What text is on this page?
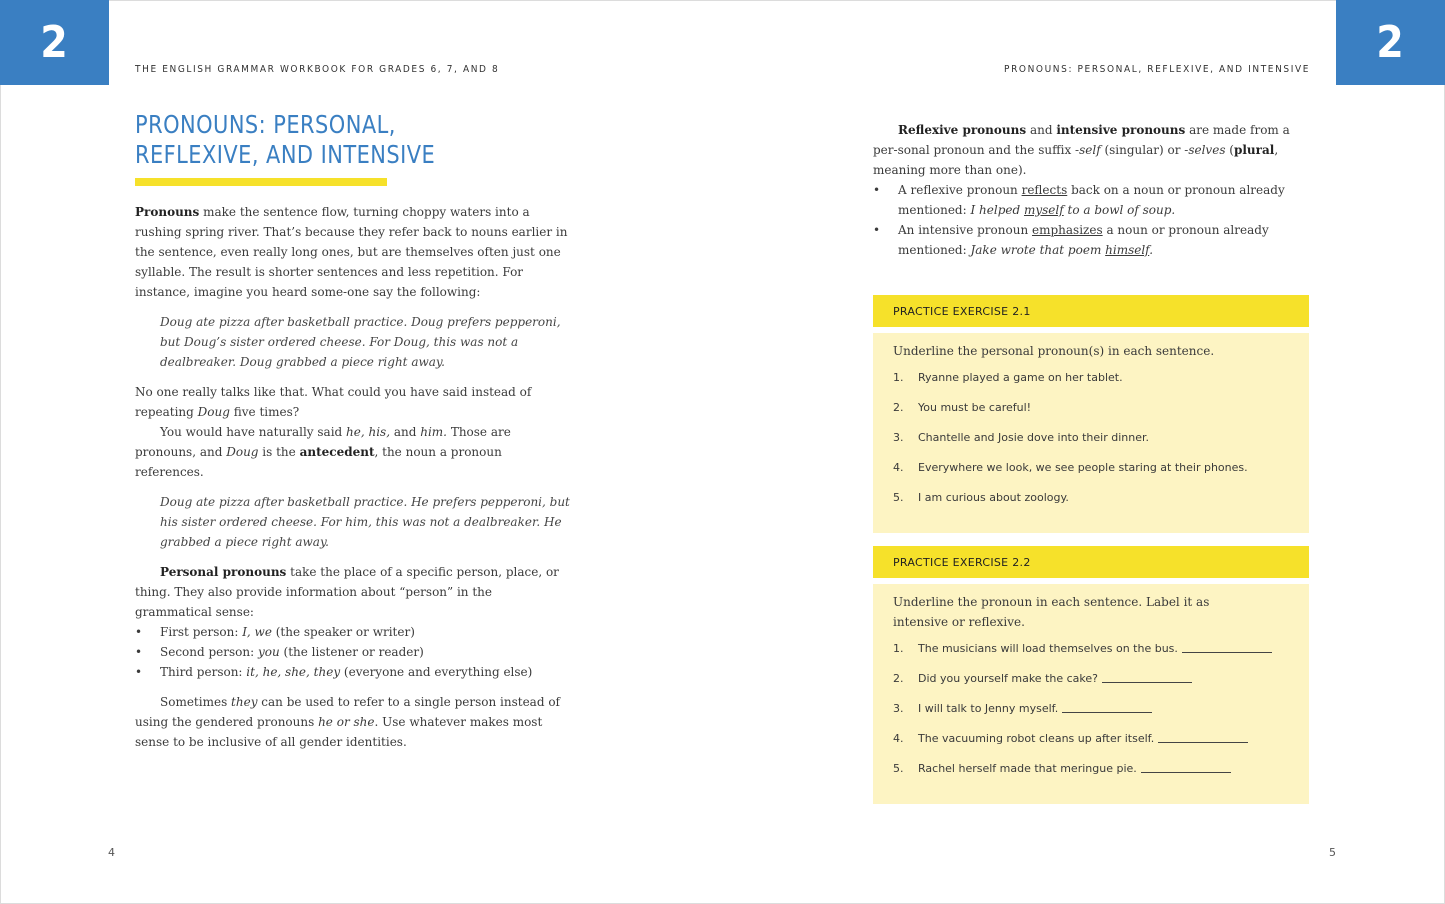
2	2
THE ENGLISH GRAMMAR WORKBOOK FOR GRADES 6, 7, AND 8	PRONOUNS: PERSONAL, REFLEXIVE, AND INTENSIVE
PRONOUNS: PERSONAL,
REFLEXIVE, AND INTENSIVE

Pronouns make the sentence flow, turning choppy waters into a rushing spring river. That’s because they refer back to nouns earlier in the sentence, even really long ones, but are themselves often just one syllable. The result is shorter sentences and less repetition. For instance, imagine you heard some-one say the following:

Doug ate pizza after basketball practice. Doug prefers pepperoni, but Doug’s sister ordered cheese. For Doug, this was not a dealbreaker. Doug grabbed a piece right away.

No one really talks like that. What could you have said instead of repeating Doug five times?

You would have naturally said he, his, and him. Those are pronouns, and Doug is the antecedent, the noun a pronoun references.

Doug ate pizza after basketball practice. He prefers pepperoni, but his sister ordered cheese. For him, this was not a dealbreaker. He grabbed a piece right away.

Personal pronouns take the place of a specific person, place, or thing. They also provide information about “person” in the grammatical sense:

• First person: I, we (the speaker or writer)
• Second person: you (the listener or reader)
• Third person: it, he, she, they (everyone and everything else)

Sometimes they can be used to refer to a single person instead of using the gendered pronouns he or she. Use whatever makes most sense to be inclusive of all gender identities.

Reflexive pronouns and intensive pronouns are made from a per-sonal pronoun and the suffix -self (singular) or -selves (plural, meaning more than one).

• A reflexive pronoun reflects back on a noun or pronoun already mentioned: I helped myself to a bowl of soup.
• An intensive pronoun emphasizes a noun or pronoun already mentioned: Jake wrote that poem himself.
PRACTICE EXERCISE 2.1

Underline the personal pronoun(s) in each sentence.

1.	Ryanne played a game on her tablet.
2.	You must be careful!
3.	Chantelle and Josie dove into their dinner.
4.	Everywhere we look, we see people staring at their phones.
5.	I am curious about zoology.
PRACTICE EXERCISE 2.2

Underline the pronoun in each sentence. Label it as intensive or reflexive.

1.	The musicians will load themselves on the bus.
2.	Did you yourself make the cake?
3.	I will talk to Jenny myself.
4.	The vacuuming robot cleans up after itself.
5.	Rachel herself made that meringue pie.
4	5
